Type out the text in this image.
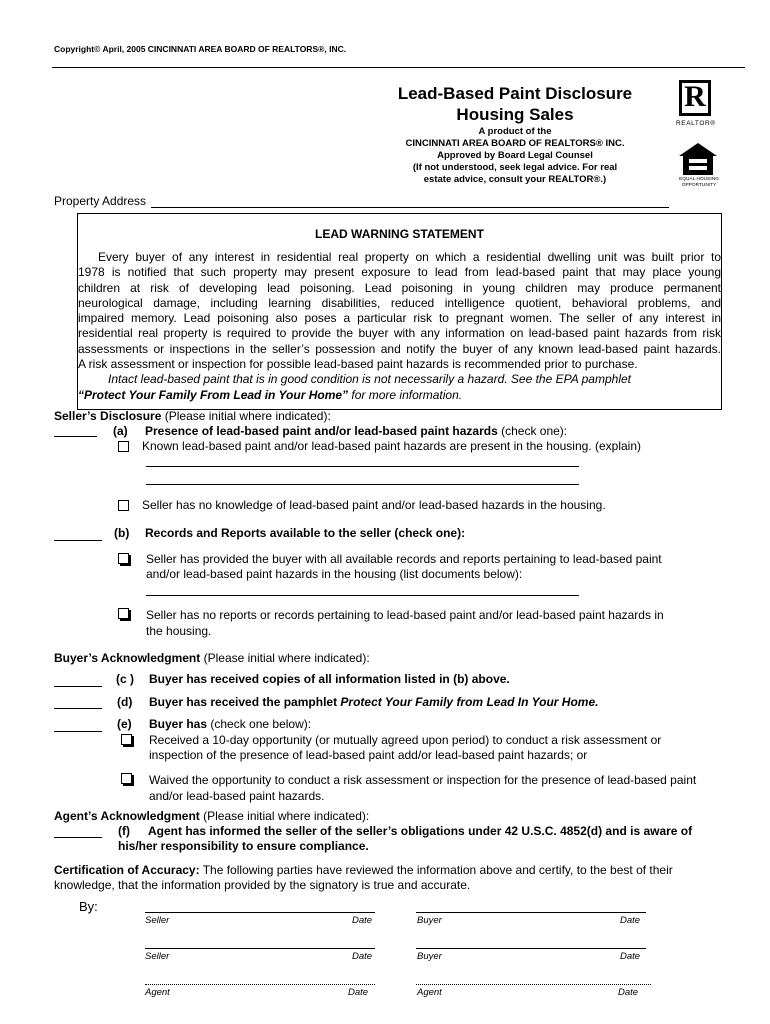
Copyright© April, 2005 CINCINNATI AREA BOARD OF REALTORS®, INC.
Lead-Based Paint Disclosure
Housing Sales
A product of the
CINCINNATI AREA BOARD OF REALTORS® INC.
Approved by Board Legal Counsel
(If not understood, seek legal advice. For real
estate advice, consult your REALTOR®.)
R
REALTOR®
EQUAL HOUSING
OPPORTUNITY
Property Address
LEAD WARNING STATEMENT
Every buyer of any interest in residential real property on which a residential dwelling unit was built prior to
1978 is notified that such property may present exposure to lead from lead-based paint that may place young
children at risk of developing lead poisoning. Lead poisoning in young children may produce permanent
neurological damage, including learning disabilities, reduced intelligence quotient, behavioral problems, and
impaired memory. Lead poisoning also poses a particular risk to pregnant women. The seller of any interest in
residential real property is required to provide the buyer with any information on lead-based paint hazards from risk
assessments or inspections in the seller’s possession and notify the buyer of any known lead-based paint hazards.
A risk assessment or inspection for possible lead-based paint hazards is recommended prior to purchase.
Intact lead-based paint that is in good condition is not necessarily a hazard. See the EPA pamphlet
“Protect Your Family From Lead in Your Home” for more information.
Seller’s Disclosure (Please initial where indicated):
(a) Presence of lead-based paint and/or lead-based paint hazards (check one):
Known lead-based paint and/or lead-based paint hazards are present in the housing. (explain)
Seller has no knowledge of lead-based paint and/or lead-based hazards in the housing.
(b) Records and Reports available to the seller (check one):
Seller has provided the buyer with all available records and reports pertaining to lead-based paint
and/or lead-based paint hazards in the housing (list documents below):
Seller has no reports or records pertaining to lead-based paint and/or lead-based paint hazards in
the housing.
Buyer’s Acknowledgment (Please initial where indicated):
(c ) Buyer has received copies of all information listed in (b) above.
(d) Buyer has received the pamphlet Protect Your Family from Lead In Your Home.
(e) Buyer has (check one below):
Received a 10-day opportunity (or mutually agreed upon period) to conduct a risk assessment or
inspection of the presence of lead-based paint add/or lead-based paint hazards; or
Waived the opportunity to conduct a risk assessment or inspection for the presence of lead-based paint
and/or lead-based paint hazards.
Agent’s Acknowledgment (Please initial where indicated):
(f) Agent has informed the seller of the seller’s obligations under 42 U.S.C. 4852(d) and is aware of
his/her responsibility to ensure compliance.
Certification of Accuracy: The following parties have reviewed the information above and certify, to the best of their
knowledge, that the information provided by the signatory is true and accurate.
By:
Seller	Date	Buyer	Date
Seller	Date	Buyer	Date
Agent	Date	Agent	Date
